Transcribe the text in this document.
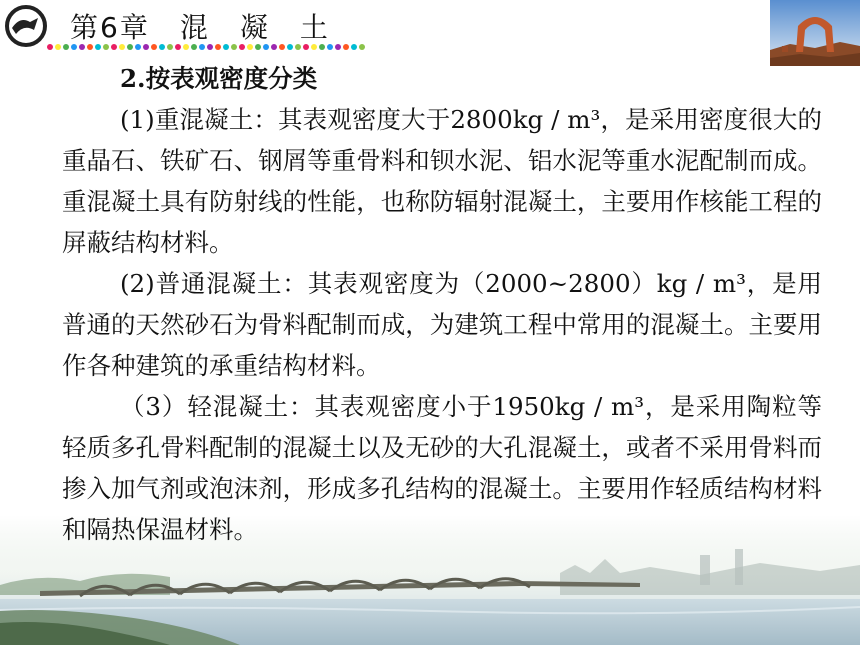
第6章　混　凝　土

2.按表观密度分类

(1)重混凝土：其表观密度大于2800kg / m³，是采用密度很大的重晶石、铁矿石、钢屑等重骨料和钡水泥、铝水泥等重水泥配制而成。重混凝土具有防射线的性能，也称防辐射混凝土，主要用作核能工程的屏蔽结构材料。

(2)普通混凝土：其表观密度为（2000~2800）kg / m³，是用普通的天然砂石为骨料配制而成，为建筑工程中常用的混凝土。主要用作各种建筑的承重结构材料。

（3）轻混凝土：其表观密度小于1950kg / m³，是采用陶粒等轻质多孔骨料配制的混凝土以及无砂的大孔混凝土，或者不采用骨料而掺入加气剂或泡沫剂，形成多孔结构的混凝土。主要用作轻质结构材料和隔热保温材料。
